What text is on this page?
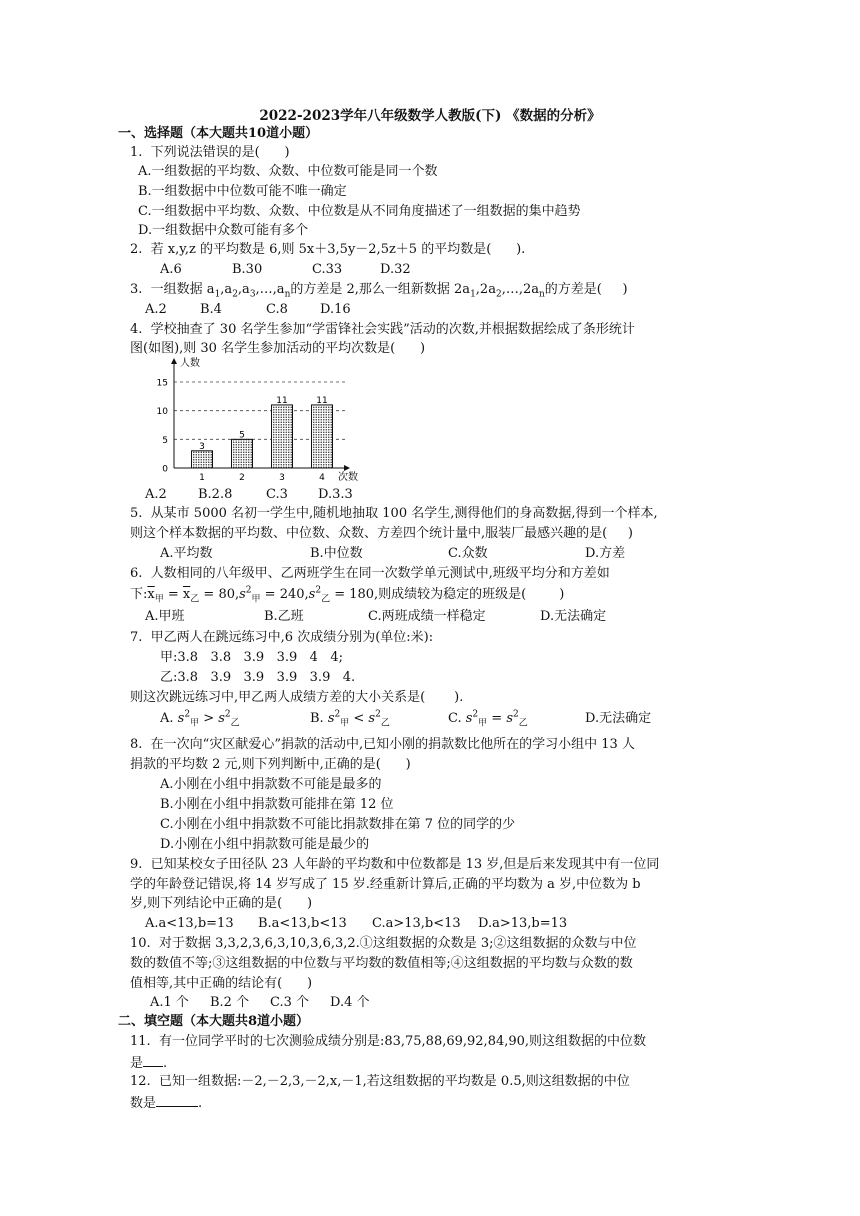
2022-2023学年八年级数学人教版(下) 《数据的分析》
一、选择题（本大题共10道小题）
1.  下列说法错误的是(      )
A.一组数据的平均数、众数、中位数可能是同一个数
B.一组数据中中位数可能不唯一确定
C.一组数据中平均数、众数、中位数是从不同角度描述了一组数据的集中趋势
D.一组数据中众数可能有多个
2.  若 x,y,z 的平均数是 6,则 5x＋3,5y－2,5z＋5 的平均数是(      ).
A.6	B.30	C.33	D.32
3.  一组数据 $a_1,a_2,a_3,\dots,a_n$的方差是 2,那么一组新数据 $2a_1,2a_2,\dots,2a_n$的方差是(     )
A.2	B.4	C.8 D.16
4.  学校抽查了 30 名学生参加“学雷锋社会实践”活动的次数,并根据数据绘成了条形统计
图(如图),则 30 名学生参加活动的平均次数是(      )
人数
次数
3
5
11	11
0
5
10
15
1	2	3	4
A.2 B.2.8	C.3 D.3.3
5.  从某市 5000 名初一学生中,随机地抽取 100 名学生,测得他们的身高数据,得到一个样本,
则这个样本数据的平均数、中位数、众数、方差四个统计量中,服装厂最感兴趣的是(     )
A.平均数	B.中位数	C.众数	D.方差
6.  人数相同的八年级甲、乙两班学生在同一次数学单元测试中,班级平均分和方差如
下$:\overline{x}_甲 = \overline{x}_乙 = 80,s^2_甲 = 240,s^2_乙 = 180$,则成绩较为稳定的班级是(        )
A.甲班	B.乙班	C.两班成绩一样稳定	D.无法确定
7.  甲乙两人在跳远练习中,6 次成绩分别为(单位:米):
甲:3.8   3.8   3.9   3.9   4   4;
乙:3.8   3.9   3.9   3.9   3.9   4.
则这次跳远练习中,甲乙两人成绩方差的大小关系是(       ).
A. $s^2_甲 > s^2_乙$	B. $s^2_甲 < s^2_乙$	C. $s^2_甲 = s^2_乙$	D.无法确定
8.  在一次向“灾区献爱心”捐款的活动中,已知小刚的捐款数比他所在的学习小组中 13 人
捐款的平均数 2 元,则下列判断中,正确的是(      )
A.小刚在小组中捐款数不可能是最多的
B.小刚在小组中捐款数可能排在第 12 位
C.小刚在小组中捐款数不可能比捐款数排在第 7 位的同学的少
D.小刚在小组中捐款数可能是最少的
9.  已知某校女子田径队 23 人年龄的平均数和中位数都是 13 岁,但是后来发现其中有一位同
学的年龄登记错误,将 14 岁写成了 15 岁.经重新计算后,正确的平均数为 a 岁,中位数为 b
岁,则下列结论中正确的是(      )
A.a<13,b=13 B.a<13,b<13 C.a>13,b<13 D.a>13,b=13
10.  对于数据 3,3,2,3,6,3,10,3,6,3,2.①这组数据的众数是 3;②这组数据的众数与中位
数的数值不等;③这组数据的中位数与平均数的数值相等;④这组数据的平均数与众数的数
值相等,其中正确的结论有(      )
A.1 个 B.2 个 C.3 个 D.4 个
二、填空题（本大题共8道小题）
11.  有一位同学平时的七次测验成绩分别是:83,75,88,69,92,84,90,则这组数据的中位数
是 .
12.  已知一组数据:－2,－2,3,－2,x,－1,若这组数据的平均数是 0.5,则这组数据的中位
数是	.
